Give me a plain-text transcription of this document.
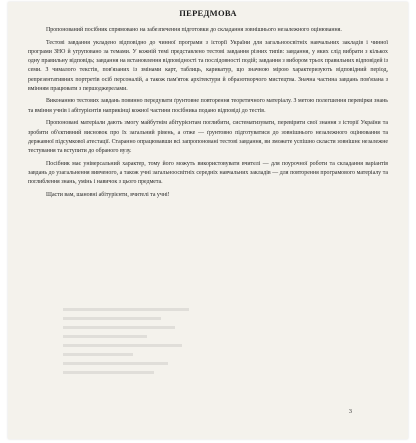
ПЕРЕДМОВА

Пропонований посібник спрямовано на забезпечення підготовки до складання зовнішнього незалежного оцінювання.

Тестові завдання укладено відповідно до чинної програми з історії України для загальноосвітніх навчальних закладів і чинної програми ЗНО й угруповано за темами. У кожній темі представлено тестові завдання різних типів: завдання, у яких слід вибрати з кількох одну правильну відповідь; завдання на встановлення відповідності та послідовності подій; завдання з вибором трьох правильних відповідей із семи. З чималого текстів, пов'язаних із змінами карт, таблиць, карикатур, що значною мірою характеризують відповідний період, репрезентативних портретів осіб персоналій, а також пам'яток архітектури й образотворчого мистецтва. Значна частина завдань пов'язана з вмінням працювати з першоджерелами.

Виконанню тестових завдань повинно передувати ґрунтовне повторення теоретичного матеріалу. З метою полегшення перевірки знань та вміння учнів і абітурієнтів наприкінці кожної частини посібника подано відповіді до тестів.

Пропоновані матеріали дають змогу майбутнім абітурієнтам поглибити, систематизувати, перевірити свої знання з історії України та зробити об'єктивний висновок про їх загальний рівень, а отже — ґрунтовно підготуватися до зовнішнього незалежного оцінювання та державної підсумкової атестації. Старанно опрацювавши всі запропоновані тестові завдання, ви зможете успішно скласти зовнішнє незалежне тестування та вступити до обраного вузу.

Посібник має універсальний характер, тому його можуть використовувати вчителі — для поурочної роботи та складання варіантів завдань до узагальнення вивченого, а також учні загальноосвітніх середніх навчальних закладів — для повторення програмового матеріалу та поглиблення знань, умінь і навичок з цього предмета.

Щасти вам, шановні абітурієнти, вчителі та учні!

3
